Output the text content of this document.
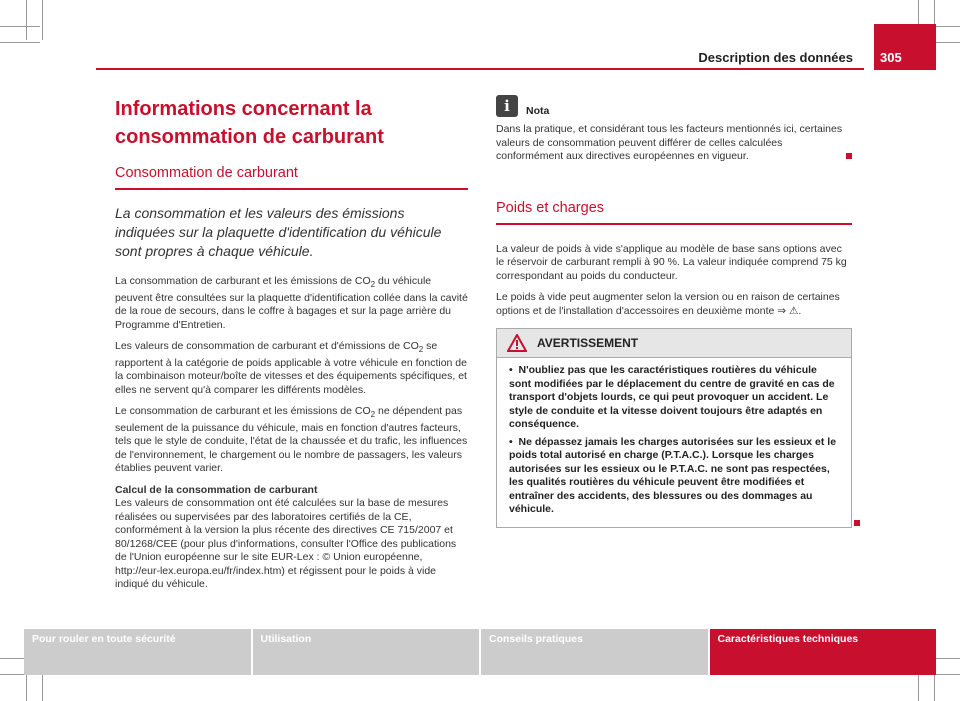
Description des données 305
Informations concernant la consommation de carburant
Consommation de carburant
La consommation et les valeurs des émissions indiquées sur la plaquette d'identification du véhicule sont propres à chaque véhicule.

La consommation de carburant et les émissions de $CO_2$ du véhicule peuvent être consultées sur la plaquette d'identification collée dans la cavité de la roue de secours, dans le coffre à bagages et sur la page arrière du Programme d'Entretien.

Les valeurs de consommation de carburant et d'émissions de $CO_2$ se rapportent à la catégorie de poids applicable à votre véhicule en fonction de la combinaison moteur/boîte de vitesses et des équipements spécifiques, et elles ne servent qu'à comparer les différents modèles.

Le consommation de carburant et les émissions de $CO_2$ ne dépendent pas seulement de la puissance du véhicule, mais en fonction d'autres facteurs, tels que le style de conduite, l'état de la chaussée et du trafic, les influences de l'environnement, le chargement ou le nombre de passagers, les valeurs établies peuvent varier.

Calcul de la consommation de carburant

Les valeurs de consommation ont été calculées sur la base de mesures réalisées ou supervisées par des laboratoires certifiés de la CE, conformément à la version la plus récente des directives CE 715/2007 et 80/1268/CEE (pour plus d'informations, consulter l'Office des publications de l'Union européenne sur le site EUR-Lex : © Union européenne, http://eur-lex.europa.eu/fr/index.htm) et régissent pour le poids à vide indiqué du véhicule.

i	Nota

Dans la pratique, et considérant tous les facteurs mentionnés ici, certaines valeurs de consommation peuvent différer de celles calculées conformément aux directives européennes en vigueur.

Poids et charges

La valeur de poids à vide s'applique au modèle de base sans options avec le réservoir de carburant rempli à 90 %. La valeur indiquée comprend 75 kg correspondant au poids du conducteur.

Le poids à vide peut augmenter selon la version ou en raison de certaines options et de l'installation d'accessoires en deuxième monte ⇒ ⚠.

AVERTISSEMENT

•  N'oubliez pas que les caractéristiques routières du véhicule sont modifiées par le déplacement du centre de gravité en cas de transport d'objets lourds, ce qui peut provoquer un accident. Le style de conduite et la vitesse doivent toujours être adaptés en conséquence.

•  Ne dépassez jamais les charges autorisées sur les essieux et le poids total autorisé en charge (P.T.A.C.). Lorsque les charges autorisées sur les essieux ou le P.T.A.C. ne sont pas respectées, les qualités routières du véhicule peuvent être modifiées et entraîner des accidents, des blessures ou des dommages au véhicule.

Pour rouler en toute sécurité	Utilisation	Conseils pratiques	Caractéristiques techniques
